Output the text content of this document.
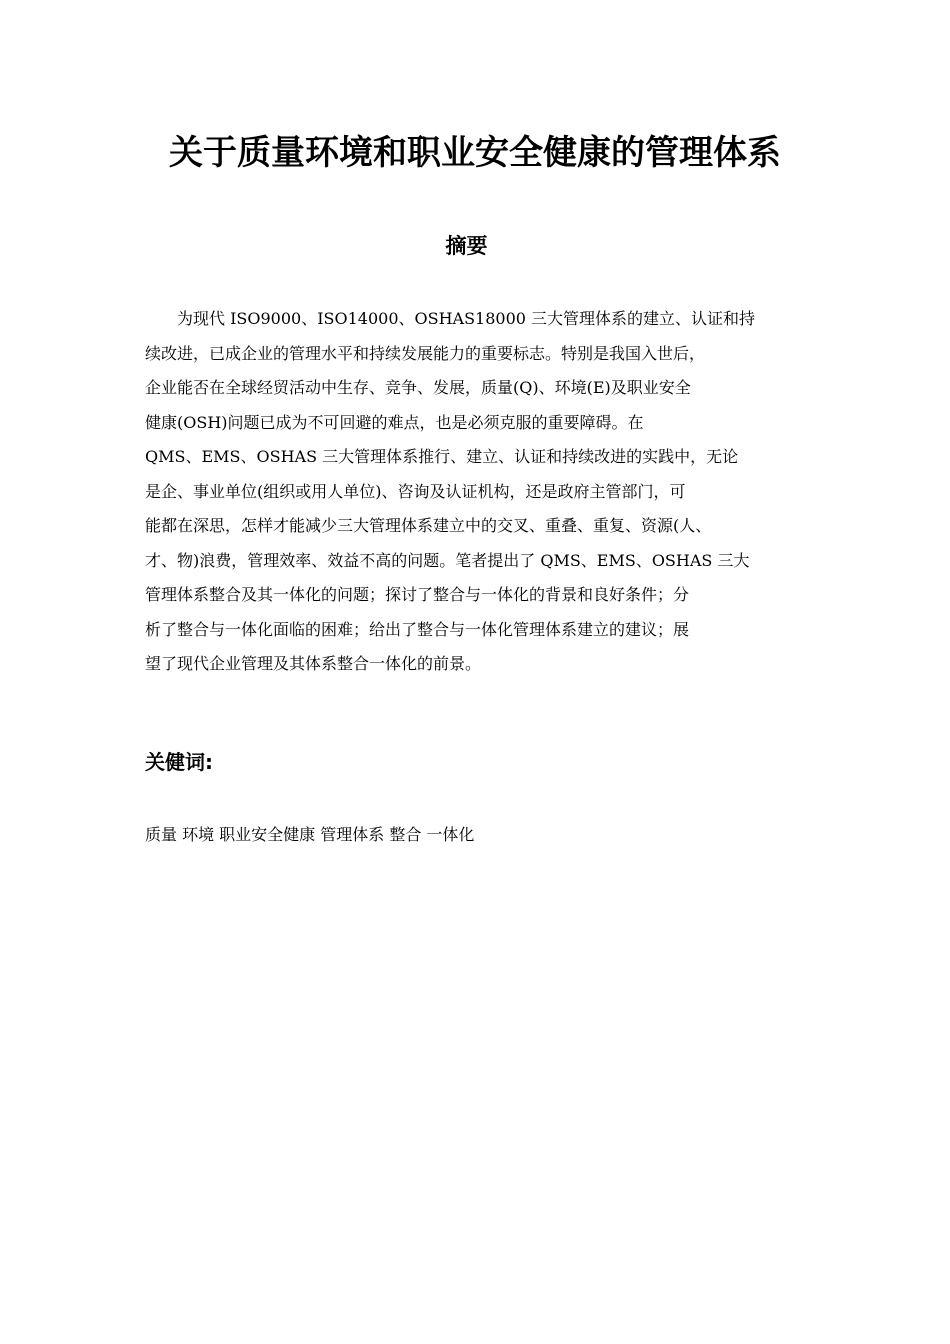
关于质量环境和职业安全健康的管理体系
摘要
　　为现代 ISO9000、ISO14000、OSHAS18000 三大管理体系的建立、认证和持
续改进，已成企业的管理水平和持续发展能力的重要标志。特别是我国入世后，
企业能否在全球经贸活动中生存、竞争、发展，质量(Q)、环境(E)及职业安全
健康(OSH)问题已成为不可回避的难点，也是必须克服的重要障碍。在
QMS、EMS、OSHAS 三大管理体系推行、建立、认证和持续改进的实践中，无论
是企、事业单位(组织或用人单位)、咨询及认证机构，还是政府主管部门，可
能都在深思，怎样才能减少三大管理体系建立中的交叉、重叠、重复、资源(人、
才、物)浪费，管理效率、效益不高的问题。笔者提出了 QMS、EMS、OSHAS 三大
管理体系整合及其一体化的问题；探讨了整合与一体化的背景和良好条件；分
析了整合与一体化面临的困难；给出了整合与一体化管理体系建立的建议；展
望了现代企业管理及其体系整合一体化的前景。
关健词:

质量 环境 职业安全健康 管理体系 整合 一体化
